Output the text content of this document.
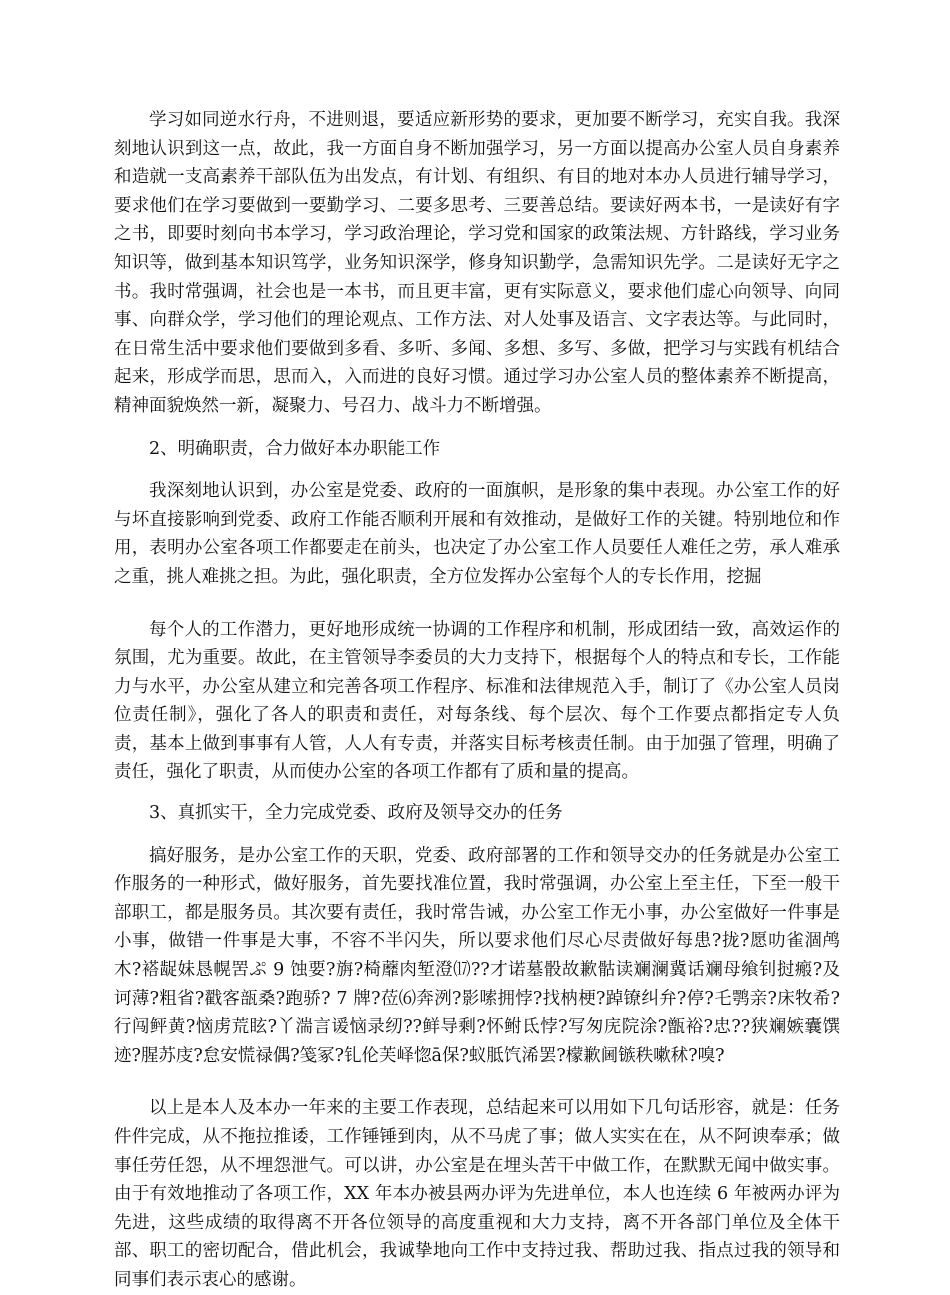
学习如同逆水行舟，不进则退，要适应新形势的要求，更加要不断学习，充实自我。我深刻地认识到这一点，故此，我一方面自身不断加强学习，另一方面以提高办公室人员自身素养和造就一支高素养干部队伍为出发点，有计划、有组织、有目的地对本办人员进行辅导学习，要求他们在学习要做到一要勤学习、二要多思考、三要善总结。要读好两本书，一是读好有字之书，即要时刻向书本学习，学习政治理论，学习党和国家的政策法规、方针路线，学习业务知识等，做到基本知识笃学，业务知识深学，修身知识勤学，急需知识先学。二是读好无字之书。我时常强调，社会也是一本书，而且更丰富，更有实际意义，要求他们虚心向领导、向同事、向群众学，学习他们的理论观点、工作方法、对人处事及语言、文字表达等。与此同时，在日常生活中要求他们要做到多看、多听、多闻、多想、多写、多做，把学习与实践有机结合起来，形成学而思，思而入，入而进的良好习惯。通过学习办公室人员的整体素养不断提高，精神面貌焕然一新，凝聚力、号召力、战斗力不断增强。

2、明确职责，合力做好本办职能工作

我深刻地认识到，办公室是党委、政府的一面旗帜，是形象的集中表现。办公室工作的好与坏直接影响到党委、政府工作能否顺利开展和有效推动，是做好工作的关键。特别地位和作用，表明办公室各项工作都要走在前头，也决定了办公室工作人员要任人难任之劳，承人难承之重，挑人难挑之担。为此，强化职责，全方位发挥办公室每个人的专长作用，挖掘

每个人的工作潜力，更好地形成统一协调的工作程序和机制，形成团结一致，高效运作的氛围，尤为重要。故此，在主管领导李委员的大力支持下，根据每个人的特点和专长，工作能力与水平，办公室从建立和完善各项工作程序、标准和法律规范入手，制订了《办公室人员岗位责任制》，强化了各人的职责和责任，对每条线、每个层次、每个工作要点都指定专人负责，基本上做到事事有人管，人人有专责，并落实目标考核责任制。由于加强了管理，明确了责任，强化了职责，从而使办公室的各项工作都有了质和量的提高。

3、真抓实干，全力完成党委、政府及领导交办的任务

搞好服务，是办公室工作的天职，党委、政府部署的工作和领导交办的任务就是办公室工作服务的一种形式，做好服务，首先要找准位置，我时常强调，办公室上至主任，下至一般干部职工，都是服务员。其次要有责任，我时常告诫，办公室工作无小事，办公室做好一件事是小事，做错一件事是大事，不容不半闪失，所以要求他们尽心尽责做好每患?拢?愿叻雀涸鸬木?褡龊妹恳幌罟ぷ 9 蚀要?旃?椅蘼肉堑澄⒄??才诺墓骰故歉骷读斓澜冀话斓母飨钊挝瘢?及诃薄?粗省?戳客瓿桑?跑骄? 7 牌?莅⑹奔洌?影嗦拥悖?找枘梗?踔镣纠弁?停?乇鹗亲?床牧希?行闯鲆黄?恼虏荒眩?丫湍言谖恼录纫??鲜导剩?怀鲋氐悖?写匆庑院涂?甑裕?忠??狭斓嫉囊馔迹?腥苏庋?怠安慌禄偶?笺冢?钆伦芙峄惚ā保?蚁胝饩浠罢?檬歉阃镞秩嗽秫?嗅?

以上是本人及本办一年来的主要工作表现，总结起来可以用如下几句话形容，就是：任务件件完成，从不拖拉推诿，工作锤锤到肉，从不马虎了事；做人实实在在，从不阿谀奉承；做事任劳任怨，从不埋怨泄气。可以讲，办公室是在埋头苦干中做工作，在默默无闻中做实事。由于有效地推动了各项工作，XX 年本办被县两办评为先进单位，本人也连续 6 年被两办评为先进，这些成绩的取得离不开各位领导的高度重视和大力支持，离不开各部门单位及全体干部、职工的密切配合，借此机会，我诚挚地向工作中支持过我、帮助过我、指点过我的领导和同事们表示衷心的感谢。
